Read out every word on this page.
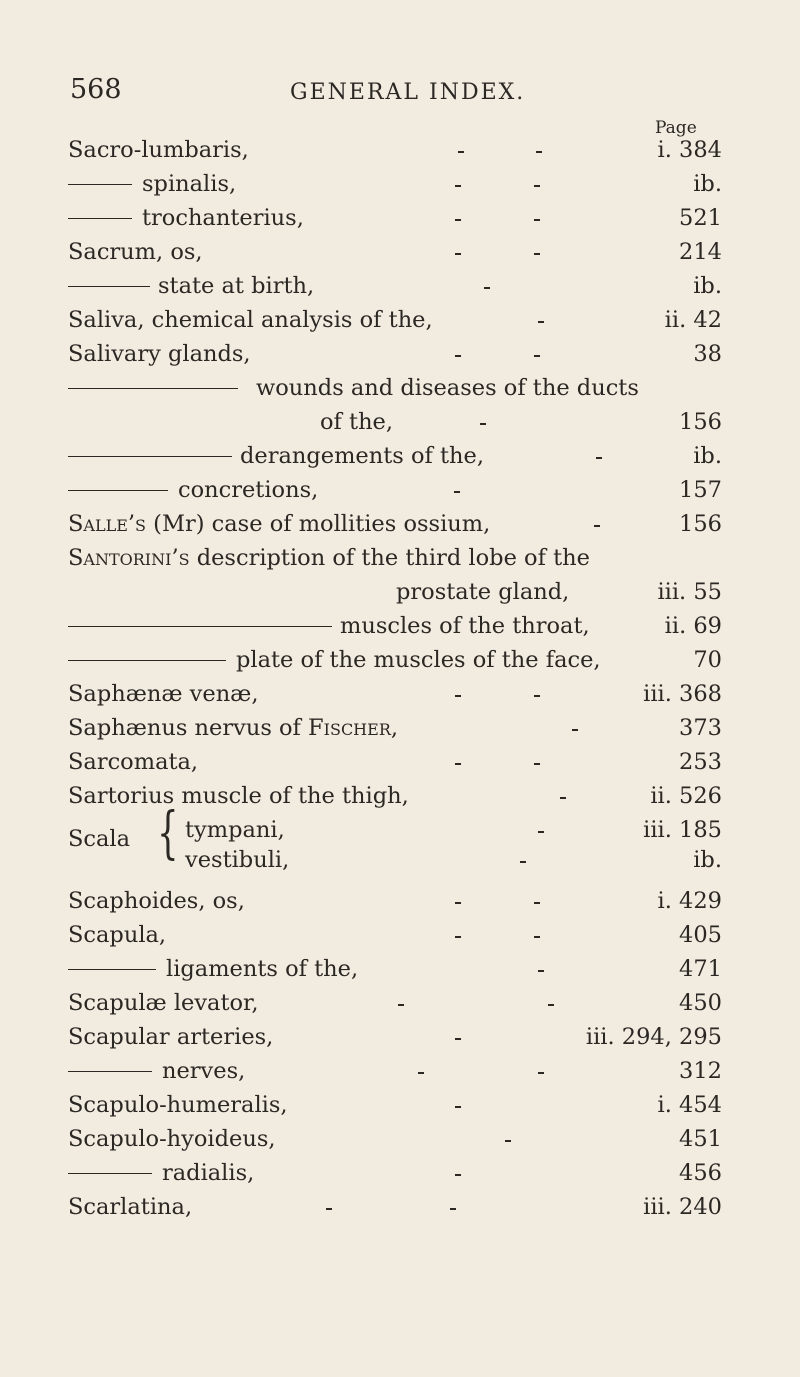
568	GENERAL INDEX.
Page
Sacro-lumbaris,	i. 384
spinalis,	ib.
trochanterius,	521
Sacrum, os,	214
state at birth,	ib.
Saliva, chemical analysis of the,	ii. 42
Salivary glands,	38
wounds and diseases of the ducts
of the,	156
derangements of the,	ib.
concretions,	157
Salle’s (Mr) case of mollities ossium,	156
Santorini’s description of the third lobe of the
prostate gland,	iii. 55
muscles of the throat,	ii. 69
plate of the muscles of the face,	70
Saphænæ venæ,	iii. 368
Saphænus nervus of Fischer,	373
Sarcomata,	253
Sartorius muscle of the thigh,	ii. 526
Scala { tympani,	iii. 185
vestibuli,	ib.
Scaphoides, os,	i. 429
Scapula,	405
ligaments of the,	471
Scapulæ levator,	450
Scapular arteries,	iii. 294, 295
nerves,	312
Scapulo-humeralis,	i. 454
Scapulo-hyoideus,	451
radialis,	456
Scarlatina,	iii. 240
